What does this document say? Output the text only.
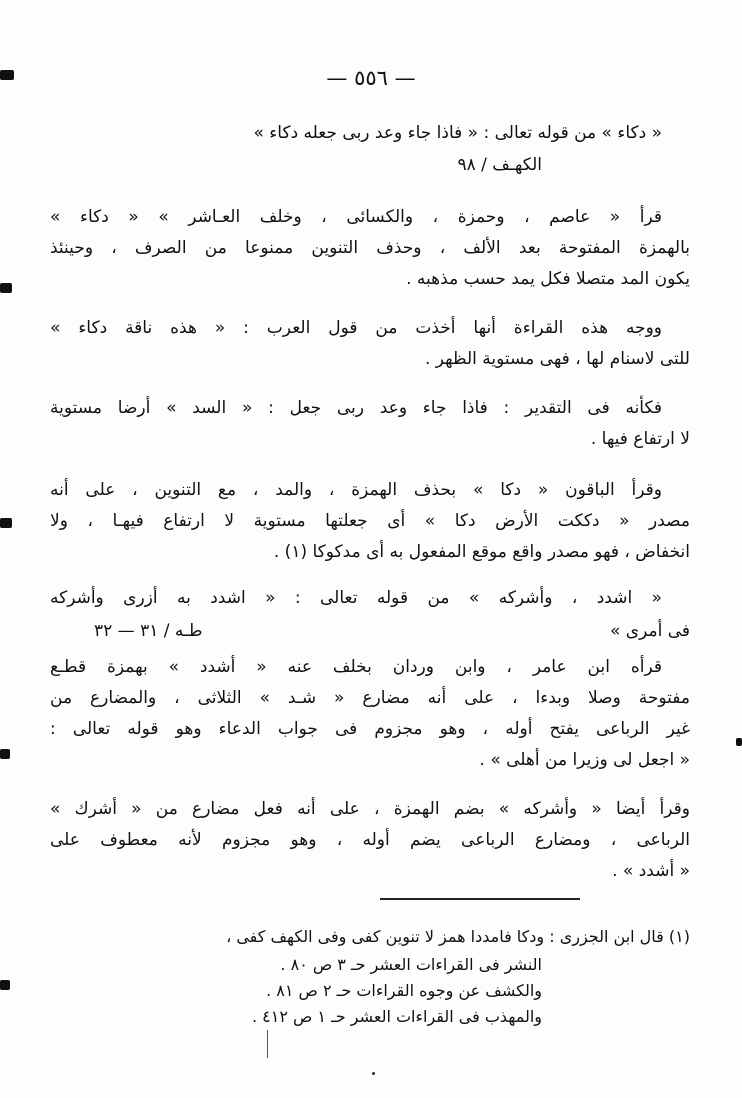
— ٥٥٦ —
« دكاء » من قوله تعالى : « فاذا جاء وعد ربى جعله دكاء »
الكهـف / ٩٨
قرأ « عاصم ، وحمزة ، والكسائى ، وخلف العـاشر » « دكاء »
بالهمزة المفتوحة بعد الألف ، وحذف التنوين ممنوعا من الصرف ، وحينئذ
يكون المد متصلا فكل يمد حسب مذهبه .
ووجه هذه القراءة أنها أخذت من قول العرب : « هذه ناقة دكاء »
للتى لاسنام لها ، فهى مستوية الظهر .
فكأنه فى التقدير : فاذا جاء وعد ربى جعل : « السد » أرضا مستوية
لا ارتفاع فيها .
وقرأ الباقون « دكا » بحذف الهمزة ، والمد ، مع التنوين ، على أنه
مصدر « دككت الأرض دكا » أى جعلتها مستوية لا ارتفاع فيهـا ، ولا
انخفاض ، فهو مصدر واقع موقع المفعول به أى مدكوكا (١) .
« اشدد ، وأشركه » من قوله تعالى : « اشدد به أزرى وأشركه
فى أمرى »
طـه / ٣١ — ٣٢
قرأه ابن عامر ، وابن وردان بخلف عنه « أشدد » بهمزة قطـع
مفتوحة وصلا وبدءا ، على أنه مضارع « شـد » الثلاثى ، والمضارع من
غير الرباعى يفتح أوله ، وهو مجزوم فى جواب الدعاء وهو قوله تعالى :
« اجعل لى وزيرا من أهلى » .
وقرأ أيضا « وأشركه » بضم الهمزة ، على أنه فعل مضارع من « أشرك »
الرباعى ، ومضارع الرباعى يضم أوله ، وهو مجزوم لأنه معطوف على
« أشدد » .
(١) قال ابن الجزرى : ودكا فامددا همز لا تنوين كفى وفى الكهف كفى ،
النشر فى القراءات العشر حـ ٣ ص ٨٠ .
والكشف عن وجوه القراءات حـ ٢ ص ٨١ .
والمهذب فى القراءات العشر حـ ١ ص ٤١٢ .
